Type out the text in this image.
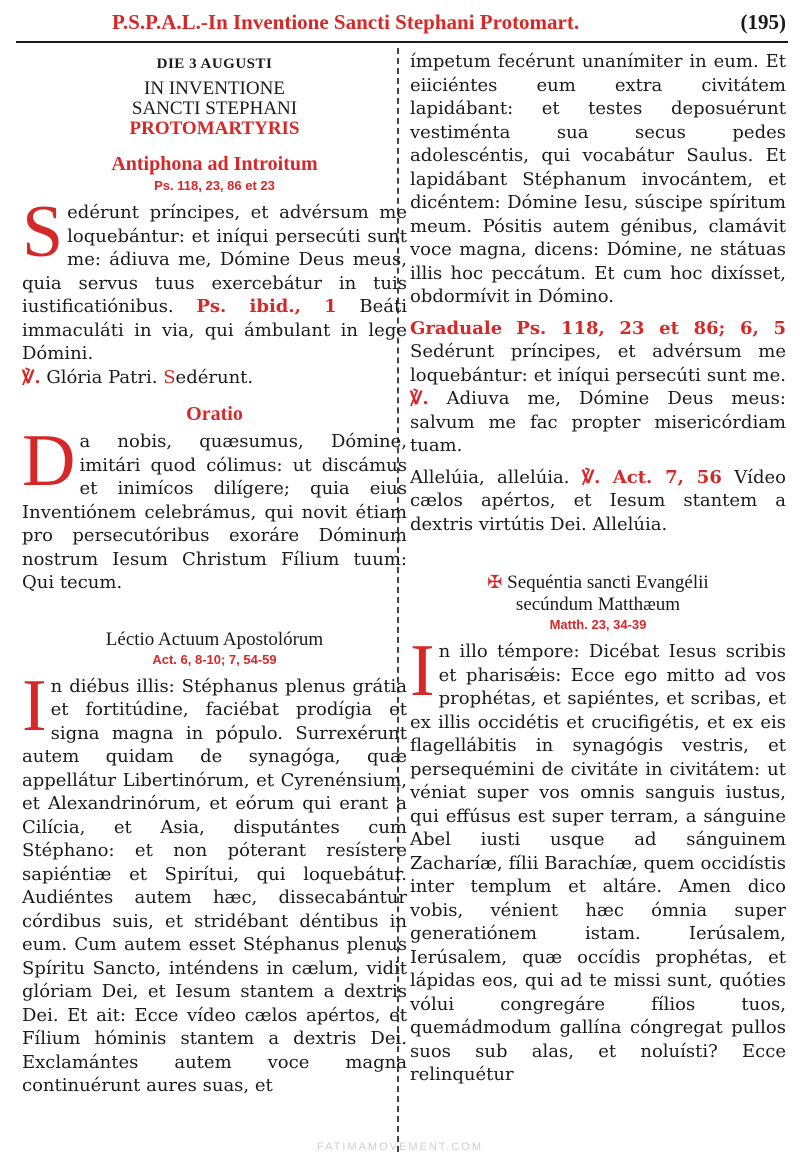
P.S.P.A.L.-In Inventione Sancti Stephani Protomart.	(195)
DIE 3 AUGUSTI
IN INVENTIONE
SANCTI STEPHANI
PROTOMARTYRIS
Antiphona ad Introitum
Ps. 118, 23, 86 et 23

Sedérunt príncipes, et advérsum me loquebántur: et iníqui persecúti sunt me: ádiuva me, Dómine Deus meus, quia servus tuus exercebátur in tuis iustificatiónibus. Ps. ibid., 1 Beáti immaculáti in via, qui ámbulant in lege Dómini.
℣. Glória Patri. Sedérunt.

Oratio

Da nobis, quæsumus, Dómine, imitári quod cólimus: ut discámus et inimícos dilígere; quia eius Inventiónem celebrámus, qui novit étiam pro persecutóribus exoráre Dóminum nostrum Iesum Christum Fílium tuum: Qui tecum.

Léctio Actuum Apostolórum
Act. 6, 8-10; 7, 54-59

In diébus illis: Stéphanus plenus grátia et fortitúdine, faciébat prodígia et signa magna in pópulo. Surrexérunt autem quidam de synagóga, quæ appellátur Libertinórum, et Cyrenénsium, et Alexandrinórum, et eórum qui erant a Cilícia, et Asia, disputántes cum Stéphano: et non póterant resístere sapiéntiæ et Spirítui, qui loquebátur. Audiéntes autem hæc, dissecabántur córdibus suis, et stridébant déntibus in eum. Cum autem esset Stéphanus plenus Spíritu Sancto, inténdens in cælum, vidit glóriam Dei, et Iesum stantem a dextris Dei. Et ait: Ecce vídeo cælos apértos, et Fílium hóminis stantem a dextris Dei. Exclamántes autem voce magna continuérunt aures suas, et

ímpetum fecérunt unanímiter in eum. Et eiiciéntes eum extra civitátem lapidábant: et testes deposuérunt vestiménta sua secus pedes adolescéntis, qui vocabátur Saulus. Et lapidábant Stéphanum invocántem, et dicéntem: Dómine Iesu, súscipe spíritum meum. Pósitis autem génibus, clamávit voce magna, dicens: Dómine, ne státuas illis hoc peccátum. Et cum hoc dixísset, obdormívit in Dómino.

Graduale Ps. 118, 23 et 86; 6, 5 Sedérunt príncipes, et advérsum me loquebántur: et iníqui persecúti sunt me. ℣. Adiuva me, Dómine Deus meus: salvum me fac propter misericórdiam tuam.

Allelúia, allelúia. ℣. Act. 7, 56 Vídeo cælos apértos, et Iesum stantem a dextris virtútis Dei. Allelúia.

✠ Sequéntia sancti Evangélii
secúndum Matthæum
Matth. 23, 34-39

In illo témpore: Dicébat Iesus scribis et pharisǽis: Ecce ego mitto ad vos prophétas, et sapiéntes, et scribas, et ex illis occidétis et crucifigétis, et ex eis flagellábitis in synagógis vestris, et persequémini de civitáte in civitátem: ut véniat super vos omnis sanguis iustus, qui effúsus est super terram, a sánguine Abel iusti usque ad sánguinem Zacharíæ, fílii Barachíæ, quem occidístis inter templum et altáre. Amen dico vobis, vénient hæc ómnia super generatiónem istam. Ierúsalem, Ierúsalem, quæ occídis prophétas, et lápidas eos, qui ad te missi sunt, quóties vólui congregáre fílios tuos, quemádmodum gallína cóngregat pullos suos sub alas, et noluísti? Ecce relinquétur

FATIMAMOVEMENT.COM
